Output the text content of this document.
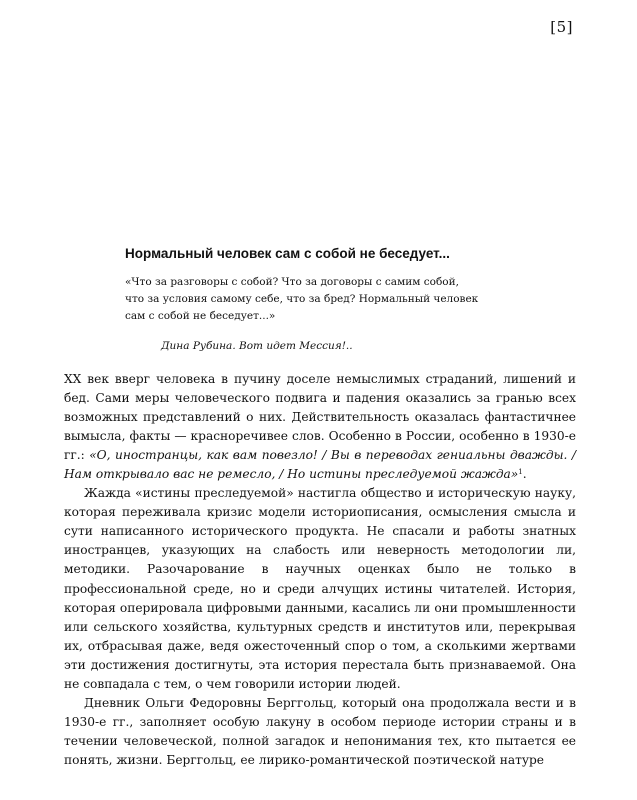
[5]
Нормальный человек сам с собой не беседует...
«Что за разговоры с собой? Что за договоры с самим собой,
что за условия самому себе, что за бред? Нормальный человек
сам с собой не беседует...»
Дина Рубина. Вот идет Мессия!..

XX век вверг человека в пучину доселе немыслимых страданий, лишений и бед. Сами меры человеческого подвига и падения оказались за гранью всех возможных представлений о них. Действительность оказалась фантастичнее вымысла, факты — красноречивее слов. Особенно в России, особенно в 1930-е гг.: «О, иностранцы, как вам повезло! / Вы в переводах гениальны дважды. / Нам открывало вас не ремесло, / Но истины преследуемой жажда»$^1$.

Жажда «истины преследуемой» настигла общество и историческую науку, которая переживала кризис модели историописания, осмысления смысла и сути написанного исторического продукта. Не спасали и работы знатных иностранцев, указующих на слабость или неверность методологии ли, методики. Разочарование в научных оценках было не только в профессиональной среде, но и среди алчущих истины читателей. История, которая оперировала цифровыми данными, касались ли они промышленности или сельского хозяйства, культурных средств и институтов или, перекрывая их, отбрасывая даже, ведя ожесточенный спор о том, а сколькими жертвами эти достижения достигнуты, эта история перестала быть признаваемой. Она не совпадала с тем, о чем говорили истории людей.

Дневник Ольги Федоровны Берггольц, который она продолжала вести и в 1930-е гг., заполняет особую лакуну в особом периоде истории страны и в течении человеческой, полной загадок и непонимания тех, кто пытается ее понять, жизни. Берггольц, ее лирико-романтической поэтической натуре
